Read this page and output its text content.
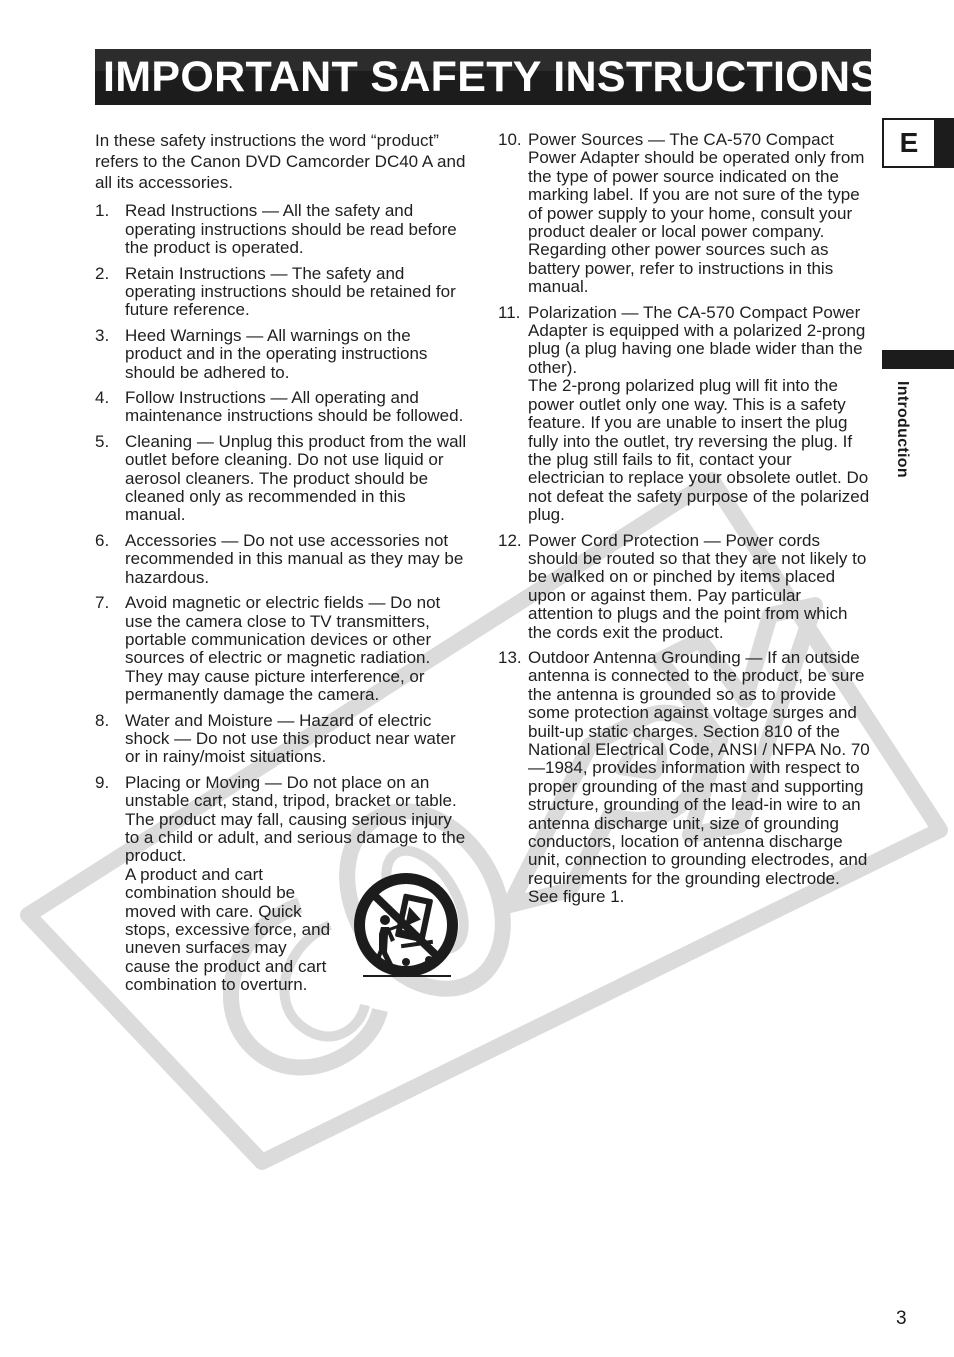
IMPORTANT SAFETY INSTRUCTIONS
E
Introduction

In these safety instructions the word “product” refers to the Canon DVD Camcorder DC40 A and all its accessories.

1. Read Instructions — All the safety and operating instructions should be read before the product is operated.

2. Retain Instructions — The safety and operating instructions should be retained for future reference.

3. Heed Warnings — All warnings on the product and in the operating instructions should be adhered to.

4. Follow Instructions — All operating and maintenance instructions should be followed.

5. Cleaning — Unplug this product from the wall outlet before cleaning. Do not use liquid or aerosol cleaners. The product should be cleaned only as recommended in this manual.

6. Accessories — Do not use accessories not recommended in this manual as they may be hazardous.

7. Avoid magnetic or electric fields — Do not use the camera close to TV transmitters, portable communication devices or other sources of electric or magnetic radiation. They may cause picture interference, or permanently damage the camera.

8. Water and Moisture — Hazard of electric shock — Do not use this product near water or in rainy/moist situations.

9. Placing or Moving — Do not place on an unstable cart, stand, tripod, bracket or table. The product may fall, causing serious injury to a child or adult, and serious damage to the product.

A product and cart combination should be moved with care. Quick stops, excessive force, and uneven surfaces may cause the product and cart combination to overturn.

10. Power Sources — The CA-570 Compact Power Adapter should be operated only from the type of power source indicated on the marking label. If you are not sure of the type of power supply to your home, consult your product dealer or local power company. Regarding other power sources such as battery power, refer to instructions in this manual.

11. Polarization — The CA-570 Compact Power Adapter is equipped with a polarized 2-prong plug (a plug having one blade wider than the other).

The 2-prong polarized plug will fit into the power outlet only one way. This is a safety feature. If you are unable to insert the plug fully into the outlet, try reversing the plug. If the plug still fails to fit, contact your electrician to replace your obsolete outlet. Do not defeat the safety purpose of the polarized plug.

12. Power Cord Protection — Power cords should be routed so that they are not likely to be walked on or pinched by items placed upon or against them. Pay particular attention to plugs and the point from which the cords exit the product.

13. Outdoor Antenna Grounding — If an outside antenna is connected to the product, be sure the antenna is grounded so as to provide some protection against voltage surges and built-up static charges. Section 810 of the National Electrical Code, ANSI / NFPA No. 70—1984, provides information with respect to proper grounding of the mast and supporting structure, grounding of the lead-in wire to an antenna discharge unit, size of grounding conductors, location of antenna discharge unit, connection to grounding electrodes, and requirements for the grounding electrode. See figure 1.

3
